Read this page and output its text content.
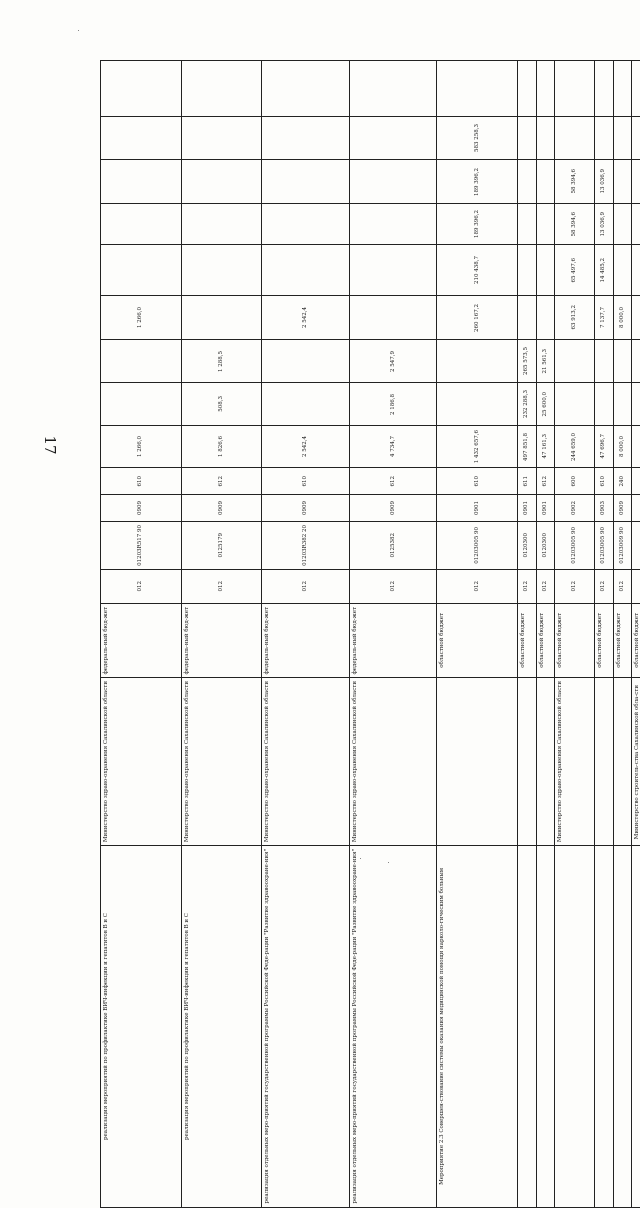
17

				583 258,3						

				189 396,2			58 394,6	13 036,9		

				189 396,2			58 394,6	13 036,9		

				210 438,7			65 497,6	14 485,2		

1 266,0		2 542,4		260 167,2			63 913,2	7 137,7	8 000,0	

	1 288,5		2 547,9		265 573,5	21 561,3

	508,3		2 186,8		232 288,3	25 600,0				

1 266,0	1 826,6	2 542,4	4 734,7	1 432 657,6	497 851,8	47 161,3	244 659,0	47 696,7	8 000,0

610	612	610	612	610	611	612	600	610	240

0909	0909	0909	0909	0901	0901	0901	0902	0903	0909

01203R517 90	0125179	01203R382 20	0125382	01203005 90	0120300	0120300	01203005 90	01203005 90	01203009 90

012	012	012	012	012	012	012	012	012	012

федераль-ный бюд-жет	федераль-ный бюд-жет	федераль-ный бюд-жет	федераль-ный бюд-жет	областной бюджет	областной бюджет	областной бюджет	областной бюджет	областной бюджет	областной бюджет	областной бюджет

Министерство здраво-охранения Сахалинской области	Министерство здраво-охранения Сахалинской области	Министерство здраво-охранения Сахалинской области	Министерство здраво-охранения Сахалинской области				Министерство здраво-охранения Сахалинской области			Министерство строитель-ства Сахалинской обла-сти

реализация мероприятий по профилактике ВИЧ-инфекции и гепатитов В и С	реализация мероприятий по профилактике ВИЧ-инфекции и гепатитов В и С	реализация отдельных меро-приятий государственной программы Российской Феде-рации "Развитие здравоохране-ния"	реализация отдельных меро-приятий государственной программы Российской Феде-рации "Развитие здравоохране-ния"	Мероприятие 2.3 Совершен-ствование системы оказания медицинской помощи нарколо-гическим больным						
